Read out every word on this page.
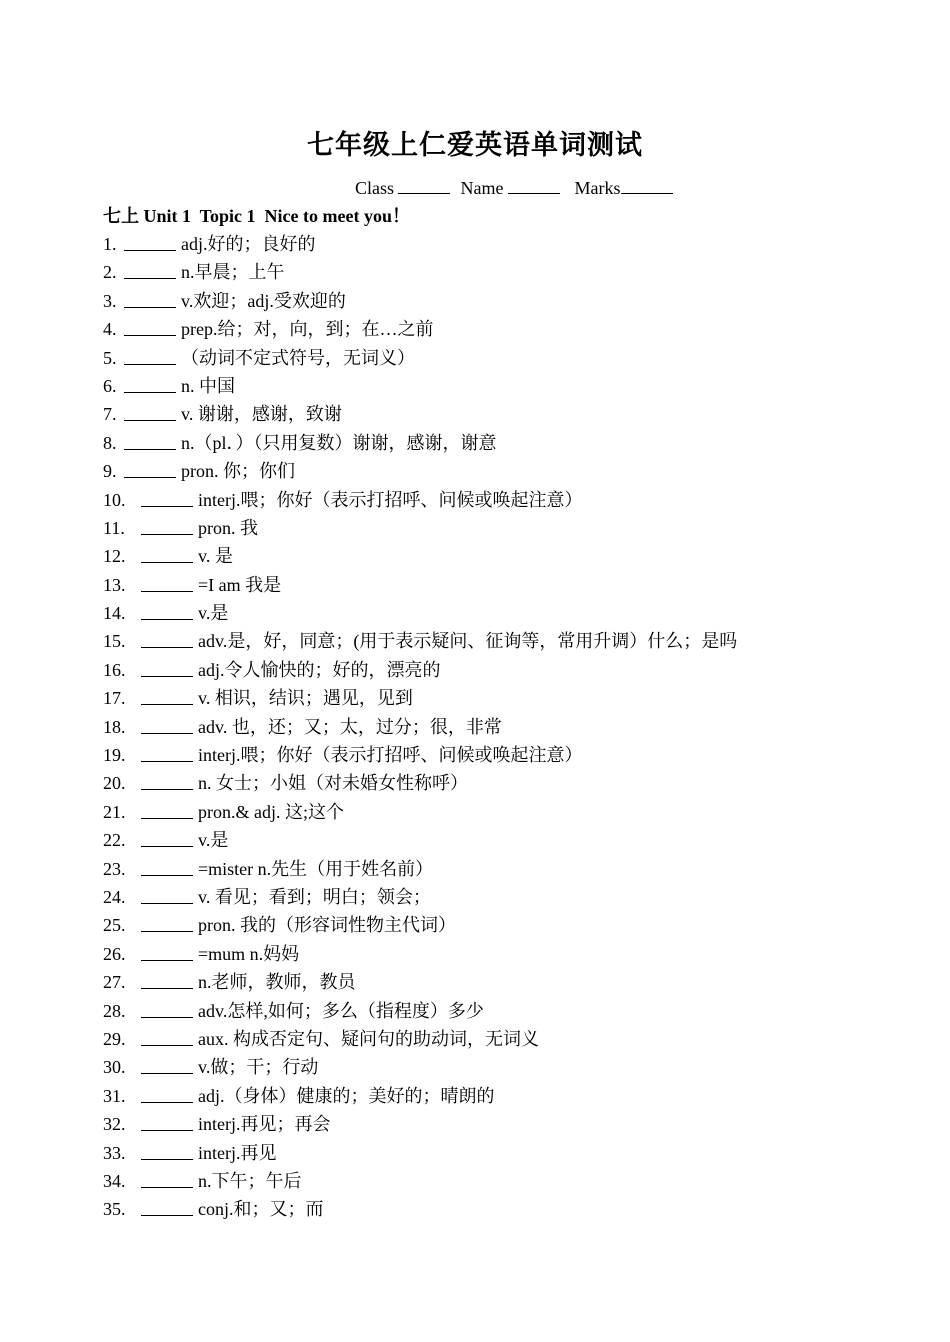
七年级上仁爱英语单词测试
Class	Name	Marks
七上 Unit 1  Topic 1  Nice to meet you！
1.	adj.好的；良好的
2.	n.早晨；上午
3.	v.欢迎；adj.受欢迎的
4.	prep.给；对，向，到；在…之前
5.	（动词不定式符号，无词义）
6.	n. 中国
7.	v. 谢谢，感谢，致谢
8.	n.（pl．）（只用复数）谢谢，感谢，谢意
9.	pron. 你；你们
10.	interj.喂；你好（表示打招呼、问候或唤起注意）
11.	pron. 我
12.	v. 是
13.	=I am 我是
14.	v.是
15.	adv.是，好，同意；(用于表示疑问、征询等，常用升调）什么；是吗
16.	adj.令人愉快的；好的，漂亮的
17.	v. 相识，结识；遇见，见到
18.	adv. 也，还；又；太，过分；很，非常
19.	interj.喂；你好（表示打招呼、问候或唤起注意）
20.	n. 女士；小姐（对未婚女性称呼）
21.	pron.& adj. 这;这个
22.	v.是
23.	=mister n.先生（用于姓名前）
24.	v. 看见；看到；明白；领会；
25.	pron. 我的（形容词性物主代词）
26.	=mum n.妈妈
27.	n.老师，教师，教员
28.	adv.怎样,如何；多么（指程度）多少
29.	aux. 构成否定句、疑问句的助动词，无词义
30.	v.做；干；行动
31.	adj.（身体）健康的；美好的；晴朗的
32.	interj.再见；再会
33.	interj.再见
34.	n.下午；午后
35.	conj.和；又；而
